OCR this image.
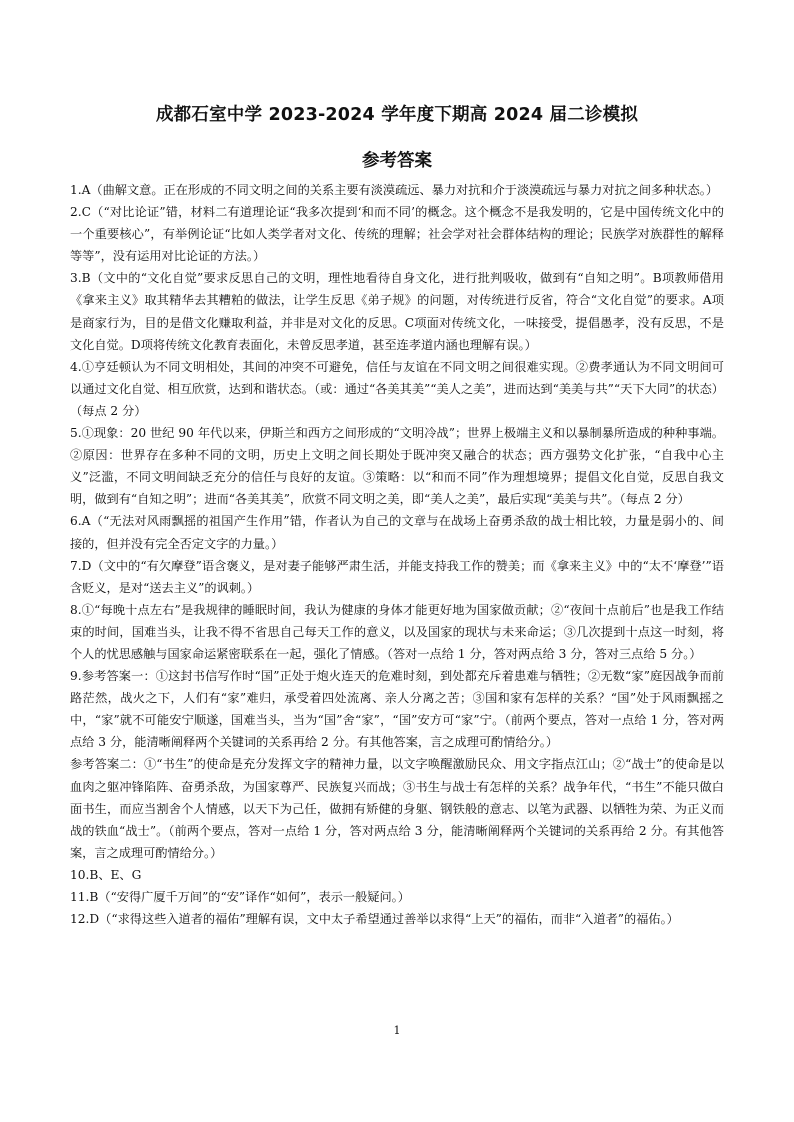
成都石室中学 2023-2024 学年度下期高 2024 届二诊模拟
参考答案

1.A（曲解文意。正在形成的不同文明之间的关系主要有淡漠疏远、暴力对抗和介于淡漠疏远与暴力对抗之间多种状态。）

2.C（“对比论证”错，材料二有道理论证“我多次提到‘和而不同’的概念。这个概念不是我发明的，它是中国传统文化中的一个重要核心”，有举例论证“比如人类学者对文化、传统的理解；社会学对社会群体结构的理论；民族学对族群性的解释等等”，没有运用对比论证的方法。）

3.B（文中的“文化自觉”要求反思自己的文明，理性地看待自身文化，进行批判吸收，做到有“自知之明”。B项教师借用《拿来主义》取其精华去其糟粕的做法，让学生反思《弟子规》的问题，对传统进行反省，符合“文化自觉”的要求。A项是商家行为，目的是借文化赚取利益，并非是对文化的反思。C项面对传统文化，一味接受，提倡愚孝，没有反思，不是文化自觉。D项将传统文化教育表面化，未曾反思孝道，甚至连孝道内涵也理解有误。）

4.①亨廷顿认为不同文明相处，其间的冲突不可避免，信任与友谊在不同文明之间很难实现。②费孝通认为不同文明间可以通过文化自觉、相互欣赏，达到和谐状态。（或：通过“各美其美”“美人之美”，进而达到“美美与共”“天下大同”的状态）（每点 2 分）

5.①现象：20 世纪 90 年代以来，伊斯兰和西方之间形成的“文明冷战”；世界上极端主义和以暴制暴所造成的种种事端。②原因：世界存在多种不同的文明，历史上文明之间长期处于既冲突又融合的状态；西方强势文化扩张，“自我中心主义”泛滥，不同文明间缺乏充分的信任与良好的友谊。③策略：以“和而不同”作为理想境界；提倡文化自觉，反思自我文明，做到有“自知之明”；进而“各美其美”，欣赏不同文明之美，即“美人之美”，最后实现“美美与共”。（每点 2 分）

6.A（“无法对风雨飘摇的祖国产生作用”错，作者认为自己的文章与在战场上奋勇杀敌的战士相比较，力量是弱小的、间接的，但并没有完全否定文字的力量。）

7.D（文中的“有欠摩登”语含褒义，是对妻子能够严肃生活，并能支持我工作的赞美；而《拿来主义》中的“太不‘摩登’”语含贬义，是对“送去主义”的讽刺。）

8.①“每晚十点左右”是我规律的睡眠时间，我认为健康的身体才能更好地为国家做贡献；②“夜间十点前后”也是我工作结束的时间，国难当头，让我不得不省思自己每天工作的意义，以及国家的现状与未来命运；③几次提到十点这一时刻，将个人的忧思感触与国家命运紧密联系在一起，强化了情感。（答对一点给 1 分，答对两点给 3 分，答对三点给 5 分。）

9.参考答案一：①这封书信写作时“国”正处于炮火连天的危难时刻，到处都充斥着患难与牺牲；②无数“家”庭因战争而前路茫然，战火之下，人们有“家”难归，承受着四处流离、亲人分离之苦；③国和家有怎样的关系？“国”处于风雨飘摇之中，“家”就不可能安宁顺遂，国难当头，当为“国”舍“家”，“国”安方可“家”宁。（前两个要点，答对一点给 1 分，答对两点给 3 分，能清晰阐释两个关键词的关系再给 2 分。有其他答案，言之成理可酌情给分。）

参考答案二：①“书生”的使命是充分发挥文字的精神力量，以文字唤醒激励民众、用文字指点江山；②“战士”的使命是以血肉之躯冲锋陷阵、奋勇杀敌，为国家尊严、民族复兴而战；③书生与战士有怎样的关系？战争年代，“书生”不能只做白面书生，而应当割舍个人情感，以天下为己任，做拥有矫健的身躯、钢铁般的意志、以笔为武器、以牺牲为荣、为正义而战的铁血“战士”。（前两个要点，答对一点给 1 分，答对两点给 3 分，能清晰阐释两个关键词的关系再给 2 分。有其他答案，言之成理可酌情给分。）

10.B、E、G

11.B（“安得广厦千万间”的“安”译作“如何”，表示一般疑问。）

12.D（“求得这些入道者的福佑”理解有误，文中太子希望通过善举以求得“上天”的福佑，而非“入道者”的福佑。）

1
